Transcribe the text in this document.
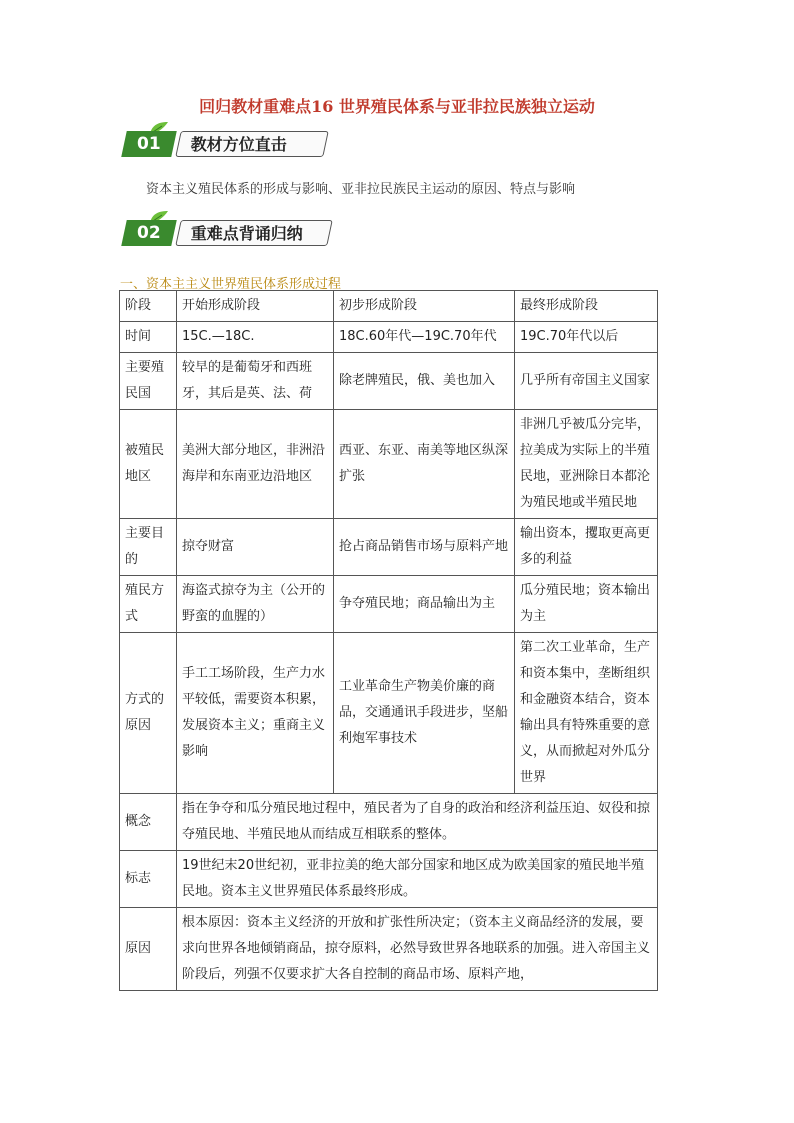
回归教材重难点16 世界殖民体系与亚非拉民族独立运动
01	教材方位直击
资本主义殖民体系的形成与影响、亚非拉民族民主运动的原因、特点与影响
02	重难点背诵归纳
一、资本主主义世界殖民体系形成过程
阶段	开始形成阶段	初步形成阶段	最终形成阶段
时间	15C.—18C.	18C.60年代—19C.70年代	19C.70年代以后
主要殖民国	较早的是葡萄牙和西班牙，其后是英、法、荷	除老牌殖民，俄、美也加入	几乎所有帝国主义国家
被殖民地区	美洲大部分地区，非洲沿海岸和东南亚边沿地区	西亚、东亚、南美等地区纵深扩张	非洲几乎被瓜分完毕，拉美成为实际上的半殖民地，亚洲除日本都沦为殖民地或半殖民地
主要目的	掠夺财富	抢占商品销售市场与原料产地	输出资本，攫取更高更多的利益
殖民方式	海盗式掠夺为主（公开的野蛮的血腥的）	争夺殖民地；商品输出为主	瓜分殖民地；资本输出为主
方式的原因	手工工场阶段，生产力水平较低，需要资本积累，发展资本主义；重商主义影响	工业革命生产物美价廉的商品，交通通讯手段进步，坚船利炮军事技术	第二次工业革命，生产和资本集中，垄断组织和金融资本结合，资本输出具有特殊重要的意义，从而掀起对外瓜分世界
概念	指在争夺和瓜分殖民地过程中，殖民者为了自身的政治和经济利益压迫、奴役和掠夺殖民地、半殖民地从而结成互相联系的整体。		
标志	19世纪末20世纪初，亚非拉美的绝大部分国家和地区成为欧美国家的殖民地半殖民地。资本主义世界殖民体系最终形成。		
原因	根本原因：资本主义经济的开放和扩张性所决定；（资本主义商品经济的发展，要求向世界各地倾销商品，掠夺原料，必然导致世界各地联系的加强。进入帝国主义阶段后，列强不仅要求扩大各自控制的商品市场、原料产地，		
